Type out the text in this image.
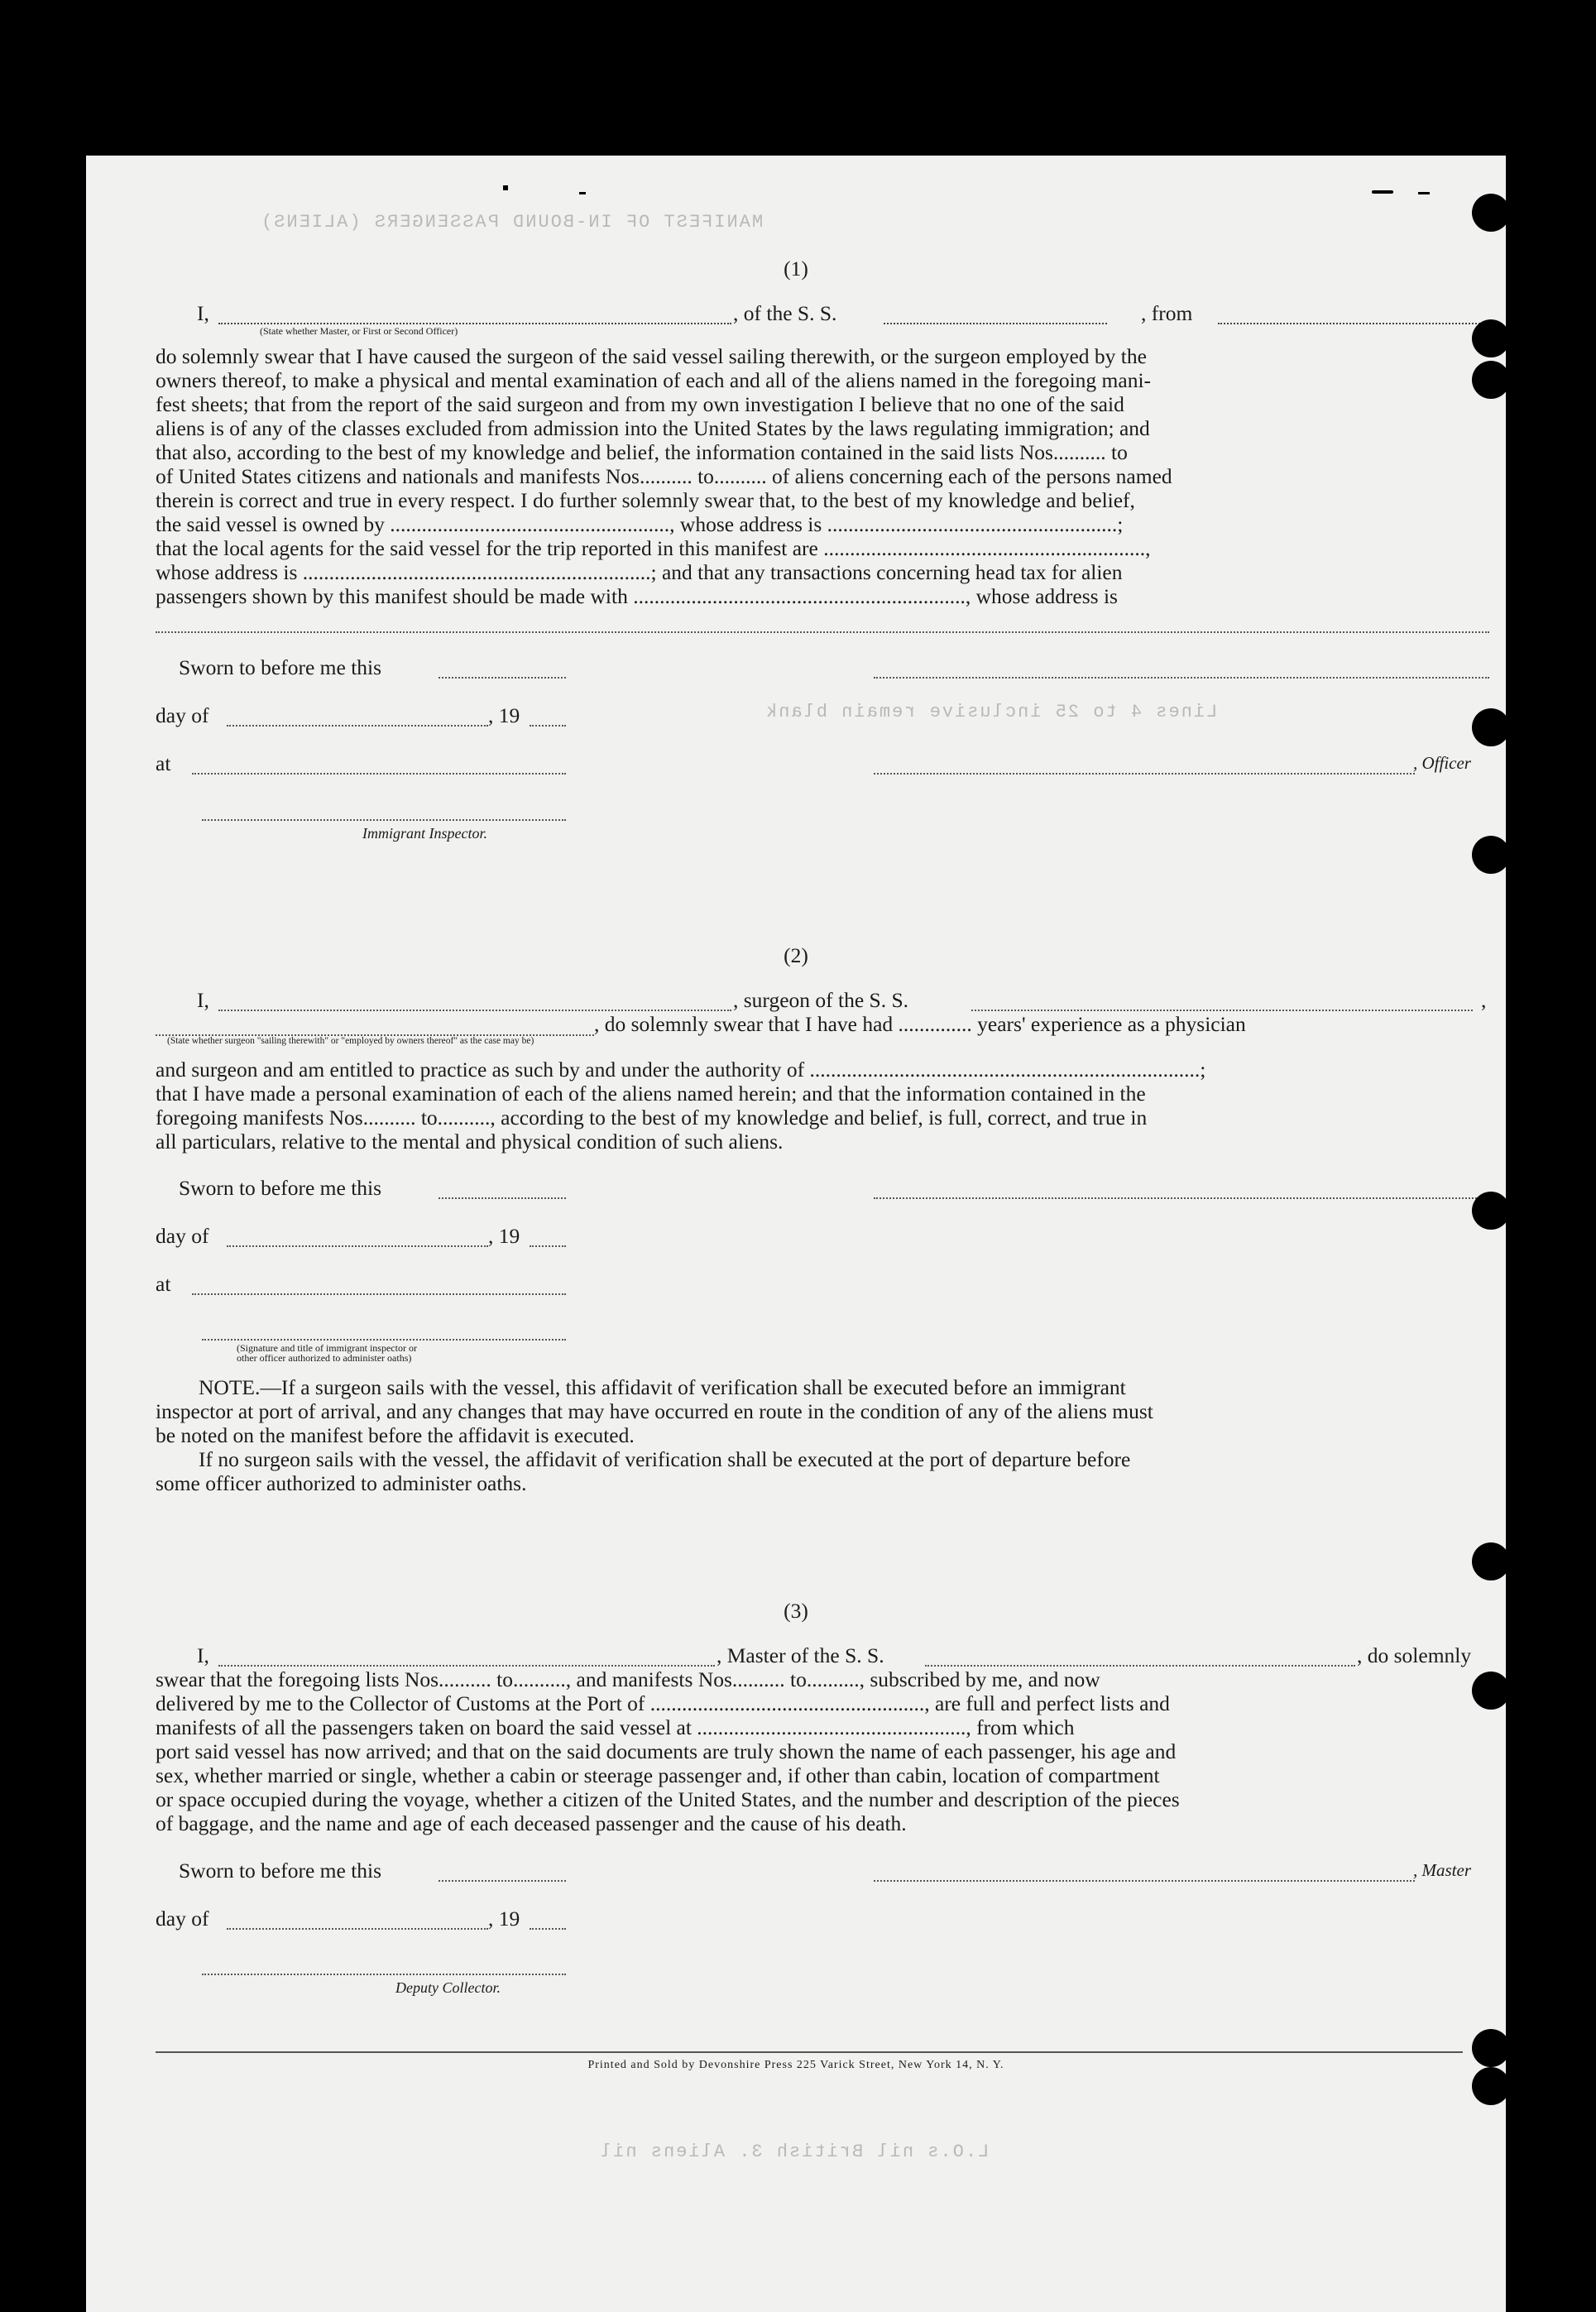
MANIFEST OF IN-BOUND PASSENGERS (ALIENS)
Lines 4 to 25 inclusive remain blank
L.O.s nil British 3. Aliens nil
(1)
I,
(State whether Master, or First or Second Officer)
, of the S. S.	, from
do solemnly swear that I have caused the surgeon of the said vessel sailing therewith, or the surgeon employed by the
owners thereof, to make a physical and mental examination of each and all of the aliens named in the foregoing mani-
fest sheets; that from the report of the said surgeon and from my own investigation I believe that no one of the said
aliens is of any of the classes excluded from admission into the United States by the laws regulating immigration; and
that also, according to the best of my knowledge and belief, the information contained in the said lists Nos.......... to
of United States citizens and nationals and manifests Nos.......... to.......... of aliens concerning each of the persons named
therein is correct and true in every respect. I do further solemnly swear that, to the best of my knowledge and belief,
the said vessel is owned by ....................................................., whose address is .......................................................;
that the local agents for the said vessel for the trip reported in this manifest are .............................................................,
whose address is ..................................................................; and that any transactions concerning head tax for alien
passengers shown by this manifest should be made with ..............................................................., whose address is
Sworn to before me this
day of	, 19
at	, Officer
Immigrant Inspector.
(2)
I,	, surgeon of the S. S.	,
, do solemnly swear that I have had .............. years' experience as a physician
(State whether surgeon "sailing therewith" or "employed by owners thereof" as the case may be)
and surgeon and am entitled to practice as such by and under the authority of ..........................................................................;
that I have made a personal examination of each of the aliens named herein; and that the information contained in the
foregoing manifests Nos.......... to.........., according to the best of my knowledge and belief, is full, correct, and true in
all particulars, relative to the mental and physical condition of such aliens.
Sworn to before me this
day of	, 19
at
(Signature and title of immigrant inspector or
other officer authorized to administer oaths)
NOTE.—If a surgeon sails with the vessel, this affidavit of verification shall be executed before an immigrant
inspector at port of arrival, and any changes that may have occurred en route in the condition of any of the aliens must
be noted on the manifest before the affidavit is executed.
If no surgeon sails with the vessel, the affidavit of verification shall be executed at the port of departure before
some officer authorized to administer oaths.
(3)
I,	, Master of the S. S.	, do solemnly
swear that the foregoing lists Nos.......... to.........., and manifests Nos.......... to.........., subscribed by me, and now
delivered by me to the Collector of Customs at the Port of ...................................................., are full and perfect lists and
manifests of all the passengers taken on board the said vessel at ..................................................., from which
port said vessel has now arrived; and that on the said documents are truly shown the name of each passenger, his age and
sex, whether married or single, whether a cabin or steerage passenger and, if other than cabin, location of compartment
or space occupied during the voyage, whether a citizen of the United States, and the number and description of the pieces
of baggage, and the name and age of each deceased passenger and the cause of his death.
Sworn to before me this	, Master
day of	, 19
Deputy Collector.
Printed and Sold by Devonshire Press 225 Varick Street, New York 14, N. Y.
